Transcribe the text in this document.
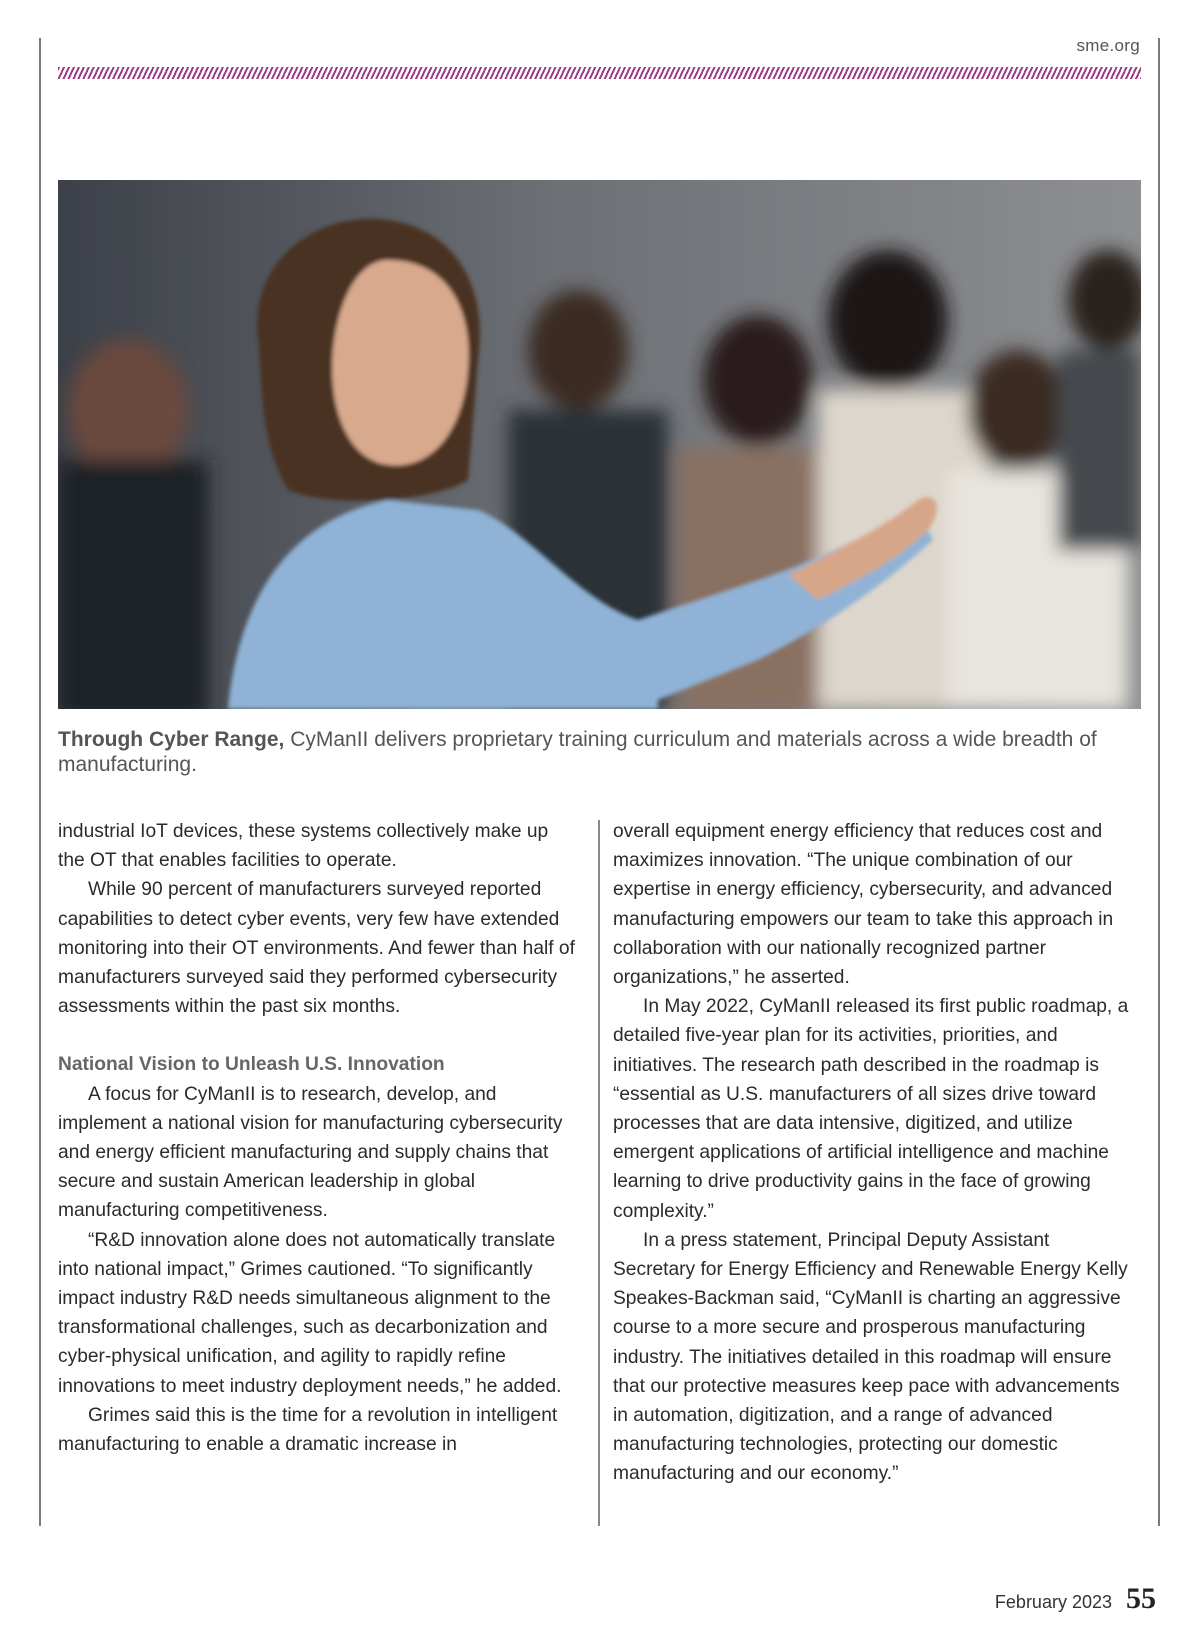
sme.org
Through Cyber Range, CyManII delivers proprietary training curriculum and materials across a wide breadth of manufacturing.

industrial IoT devices, these systems collectively make up the OT that enables facilities to operate.

While 90 percent of manufacturers surveyed reported capabilities to detect cyber events, very few have extended monitoring into their OT environments. And fewer than half of manufacturers surveyed said they performed cybersecurity assessments within the past six months.

National Vision to Unleash U.S. Innovation

A focus for CyManII is to research, develop, and implement a national vision for manufacturing cybersecurity and energy efficient manufacturing and supply chains that secure and sustain American leadership in global manufacturing competitiveness.

“R&D innovation alone does not automatically translate into national impact,” Grimes cautioned. “To significantly impact industry R&D needs simultaneous alignment to the transformational challenges, such as decarbonization and cyber-physical unification, and agility to rapidly refine innovations to meet industry deployment needs,” he added.

Grimes said this is the time for a revolution in intelligent manufacturing to enable a dramatic increase in

overall equipment energy efficiency that reduces cost and maximizes innovation. “The unique combination of our expertise in energy efficiency, cybersecurity, and advanced manufacturing empowers our team to take this approach in collaboration with our nationally recognized partner organizations,” he asserted.

In May 2022, CyManII released its first public roadmap, a detailed five-year plan for its activities, priorities, and initiatives. The research path described in the roadmap is “essential as U.S. manufacturers of all sizes drive toward processes that are data intensive, digitized, and utilize emergent applications of artificial intelligence and machine learning to drive productivity gains in the face of growing complexity.”

In a press statement, Principal Deputy Assistant Secretary for Energy Efficiency and Renewable Energy Kelly Speakes-Backman said, “CyManII is charting an aggressive course to a more secure and prosperous manufacturing industry. The initiatives detailed in this roadmap will ensure that our protective measures keep pace with advancements in automation, digitization, and a range of advanced manufacturing technologies, protecting our domestic manufacturing and our economy.”

February 2023 55
